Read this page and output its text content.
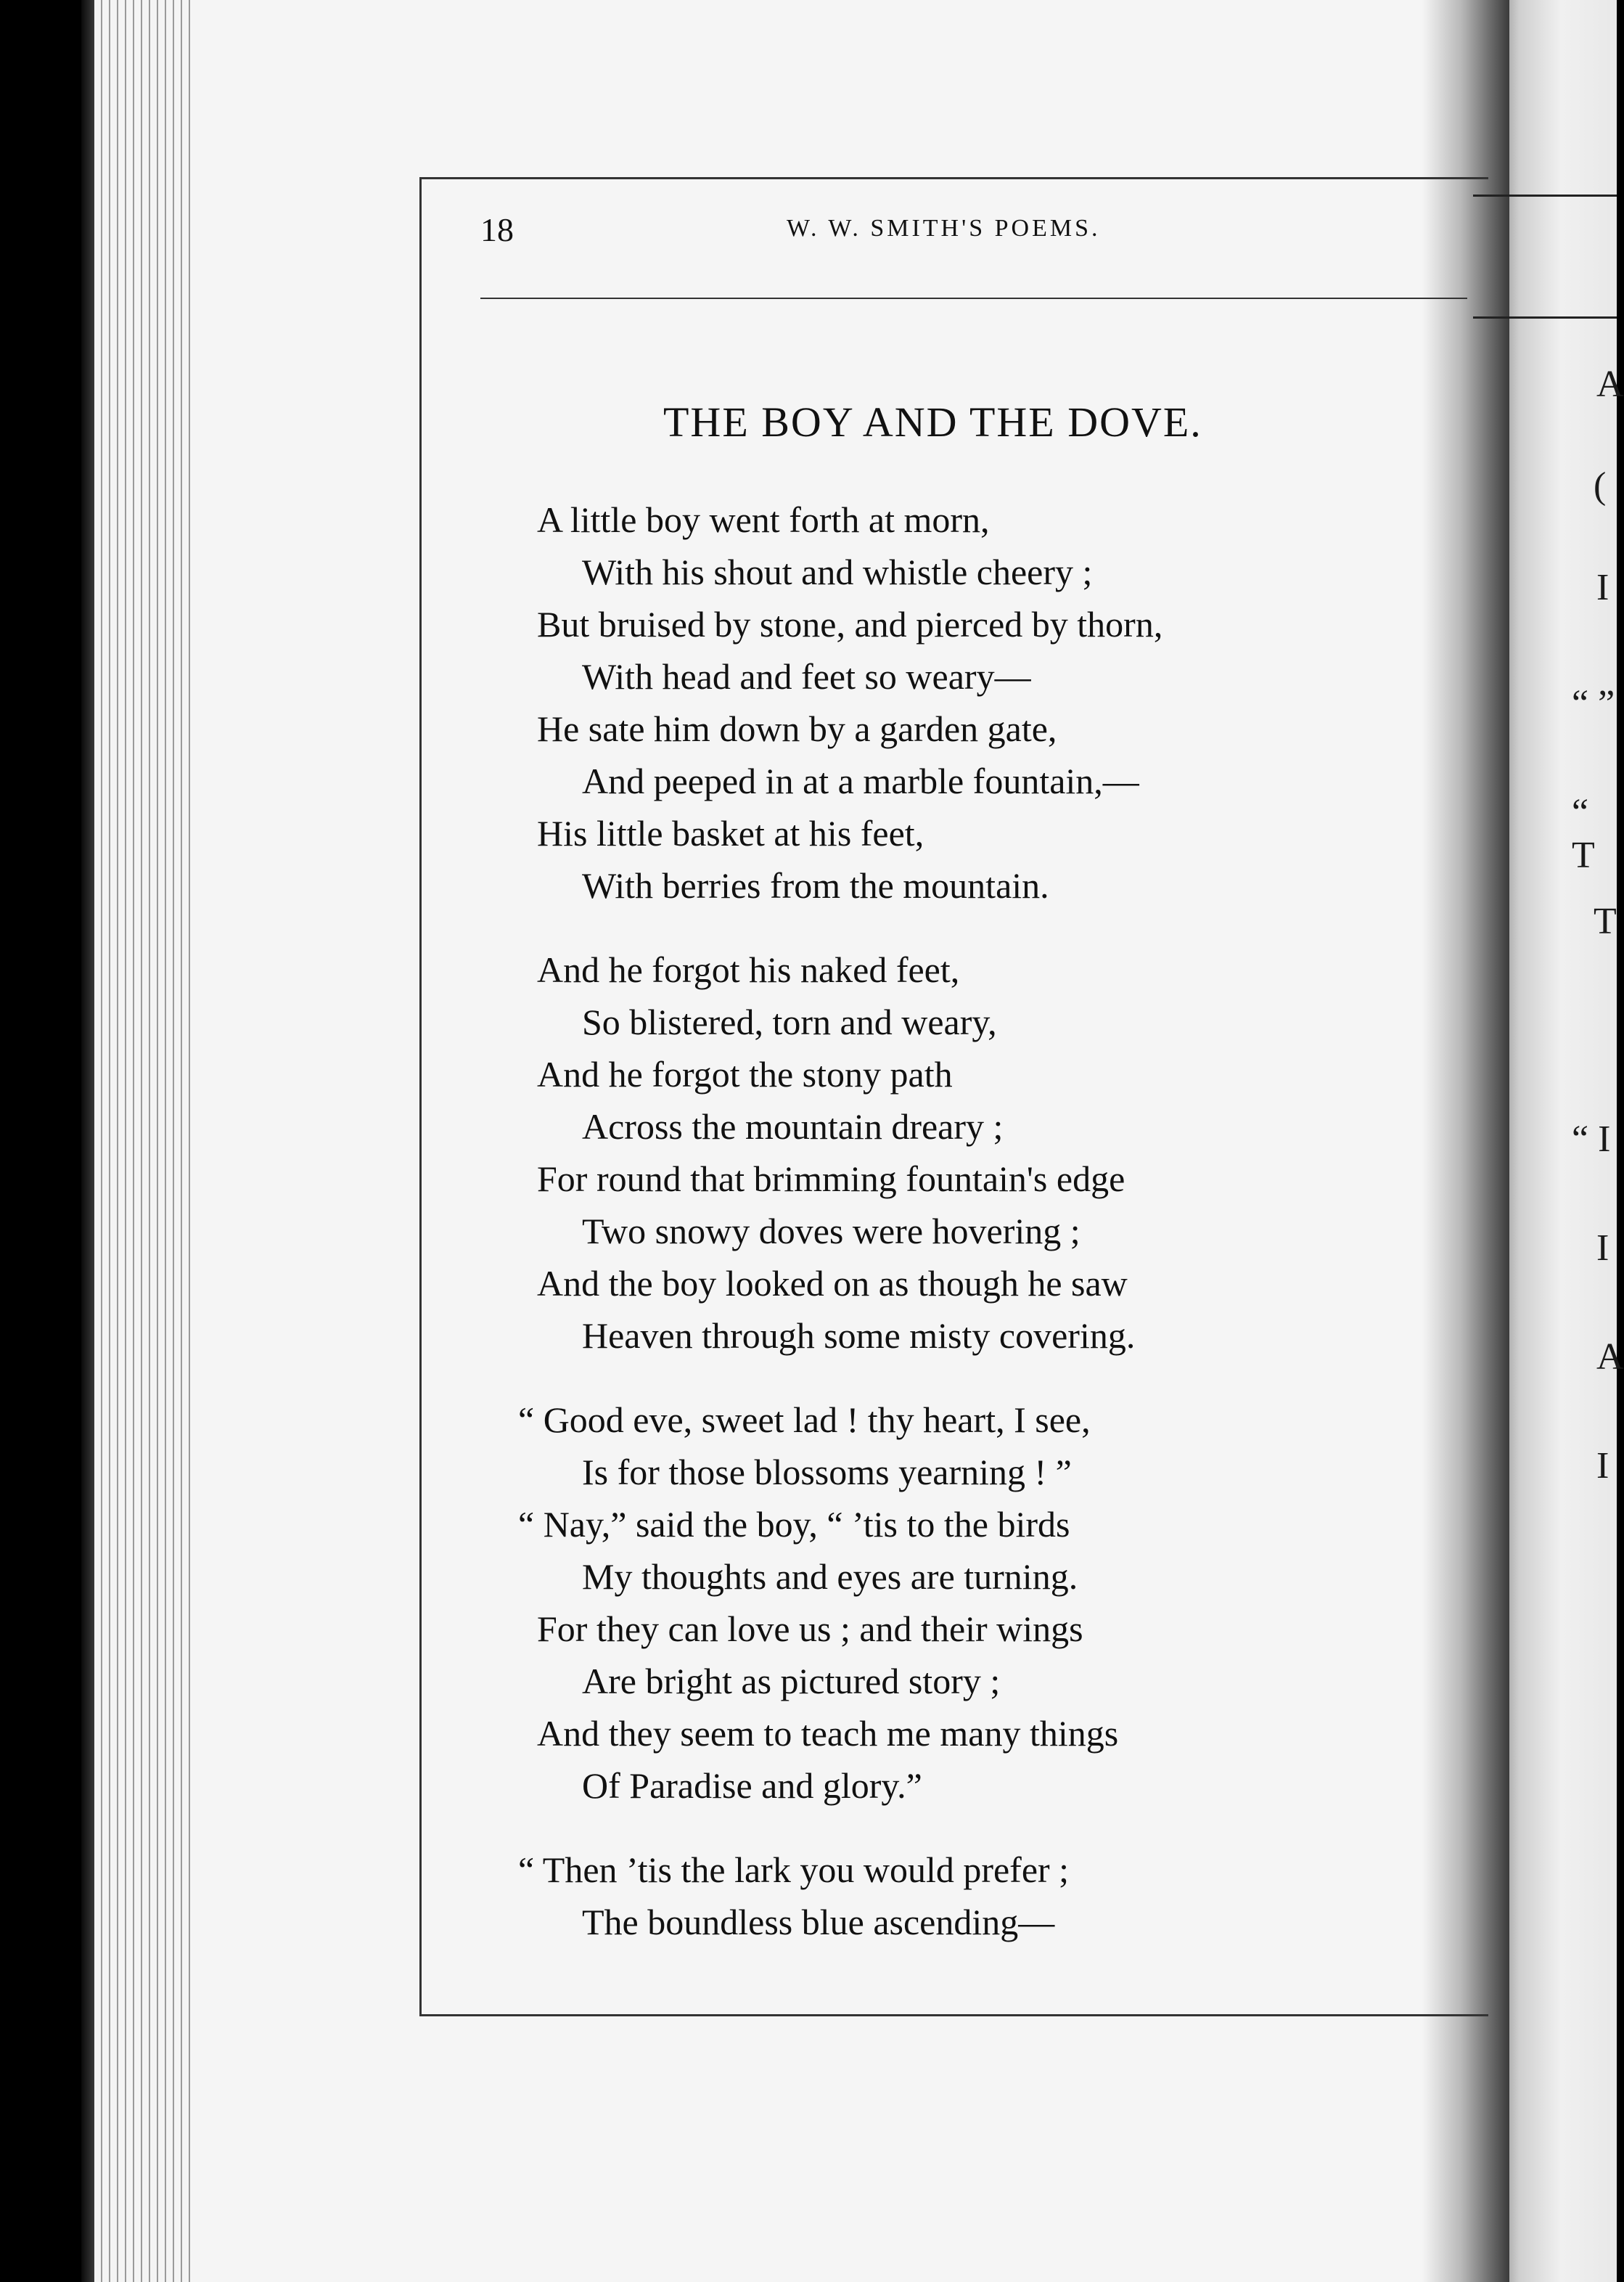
A
(
I
“ ”
“ T
T
“ I
I
A
I
18	W. W. SMITH'S POEMS.
THE BOY AND THE DOVE.
A little boy went forth at morn,
With his shout and whistle cheery ;
But bruised by stone, and pierced by thorn,
With head and feet so weary—
He sate him down by a garden gate,
And peeped in at a marble fountain,—
His little basket at his feet,
With berries from the mountain.
And he forgot his naked feet,
So blistered, torn and weary,
And he forgot the stony path
Across the mountain dreary ;
For round that brimming fountain's edge
Two snowy doves were hovering ;
And the boy looked on as though he saw
Heaven through some misty covering.
“ Good eve, sweet lad ! thy heart, I see,
Is for those blossoms yearning ! ”
“ Nay,” said the boy, “ ’tis to the birds
My thoughts and eyes are turning.
For they can love us ; and their wings
Are bright as pictured story ;
And they seem to teach me many things
Of Paradise and glory.”
“ Then ’tis the lark you would prefer ;
The boundless blue ascending—
